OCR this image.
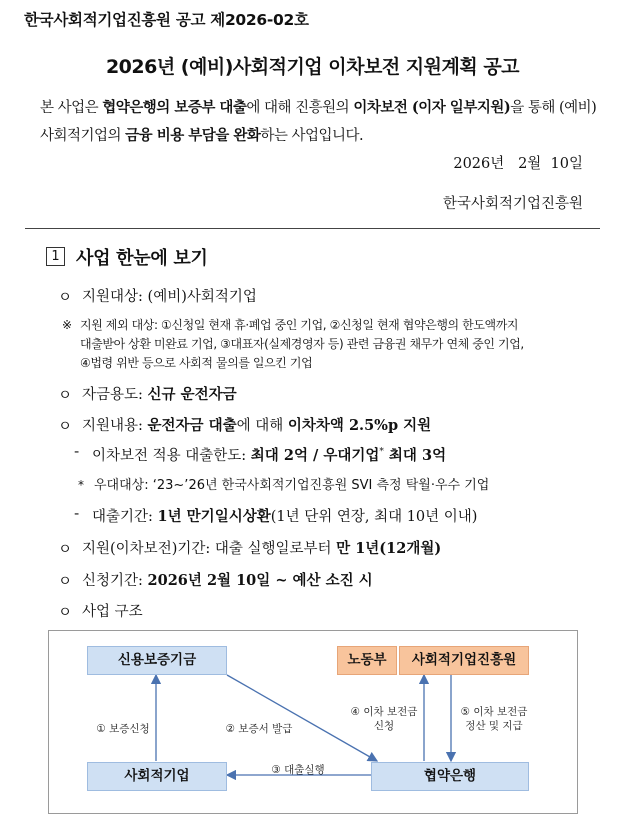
한국사회적기업진흥원 공고 제2026-02호
2026년 (예비)사회적기업 이차보전 지원계획 공고
본 사업은 협약은행의 보증부 대출에 대해 진흥원의 이차보전 (이자 일부지원)을 통해 (예비)사회적기업의 금융 비용 부담을 완화하는 사업입니다.
2026년   2월  10일
한국사회적기업진흥원
1 사업 한눈에 보기
ㅇ 지원대상: (예비)사회적기업
※ 지원 제외 대상: ①신청일 현재 휴·폐업 중인 기업, ②신청일 현재 협약은행의 한도액까지
대출받아 상환 미완료 기업, ③대표자(실제경영자 등) 관련 금융권 채무가 연체 중인 기업,
④법령 위반 등으로 사회적 물의를 일으킨 기업
ㅇ 자금용도: 신규 운전자금
ㅇ 지원내용: 운전자금 대출에 대해 이차차액 2.5%p 지원
- 이차보전 적용 대출한도: 최대 2억 / 우대기업* 최대 3억
* 우대대상: ‘23~’26년 한국사회적기업진흥원 SVI 측정 탁월·우수 기업
- 대출기간: 1년 만기일시상환(1년 단위 연장, 최대 10년 이내)
ㅇ 지원(이차보전)기간: 대출 실행일로부터 만 1년(12개월)
ㅇ 신청기간: 2026년 2월 10일 ~ 예산 소진 시
ㅇ 사업 구조
신용보증기금
사회적기업
노동부	사회적기업진흥원
협약은행
① 보증신청	② 보증서 발급
③ 대출실행
④ 이차 보전금
신청
⑤ 이차 보전금
정산 및 지급
